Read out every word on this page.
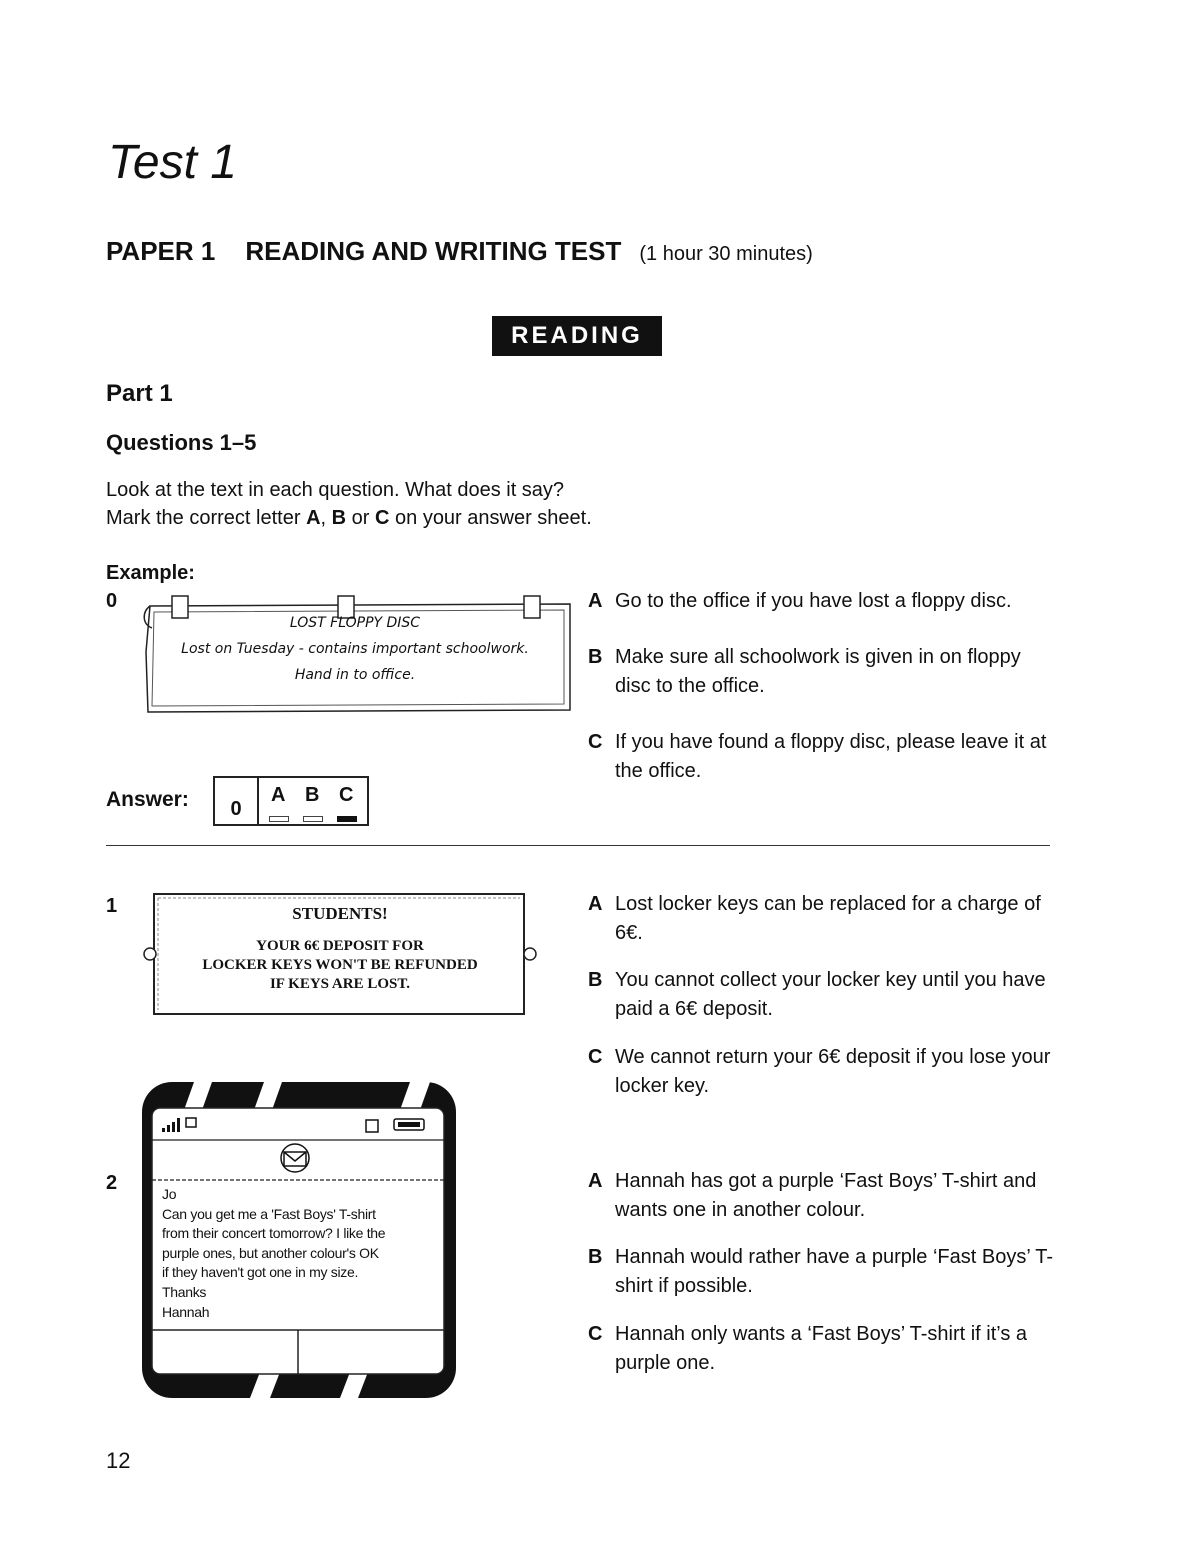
Test 1
PAPER 1 READING AND WRITING TEST (1 hour 30 minutes)
READING
Part 1
Questions 1–5

Look at the text in each question. What does it say?

Mark the correct letter A, B or C on your answer sheet.

Example:
0
LOST FLOPPY DISC
Lost on Tuesday - contains important schoolwork.
Hand in to office.
A Go to the office if you have lost a floppy disc.
B Make sure all schoolwork is given in on floppy disc to the office.
C If you have found a floppy disc, please leave it at the office.
Answer:	0
A B C
1	STUDENTS!
YOUR 6€ DEPOSIT FOR
LOCKER KEYS WON'T BE REFUNDED
IF KEYS ARE LOST.
A Lost locker keys can be replaced for a charge of 6€.
B You cannot collect your locker key until you have paid a 6€ deposit.
C We cannot return your 6€ deposit if you lose your locker key.
2	Jo

Can you get me a 'Fast Boys' T-shirt

from their concert tomorrow? I like the

purple ones, but another colour's OK

if they haven't got one in my size.

Thanks

Hannah

A Hannah has got a purple ‘Fast Boys’ T-shirt and wants one in another colour.
B Hannah would rather have a purple ‘Fast Boys’ T-shirt if possible.
C Hannah only wants a ‘Fast Boys’ T-shirt if it’s a purple one.
12
